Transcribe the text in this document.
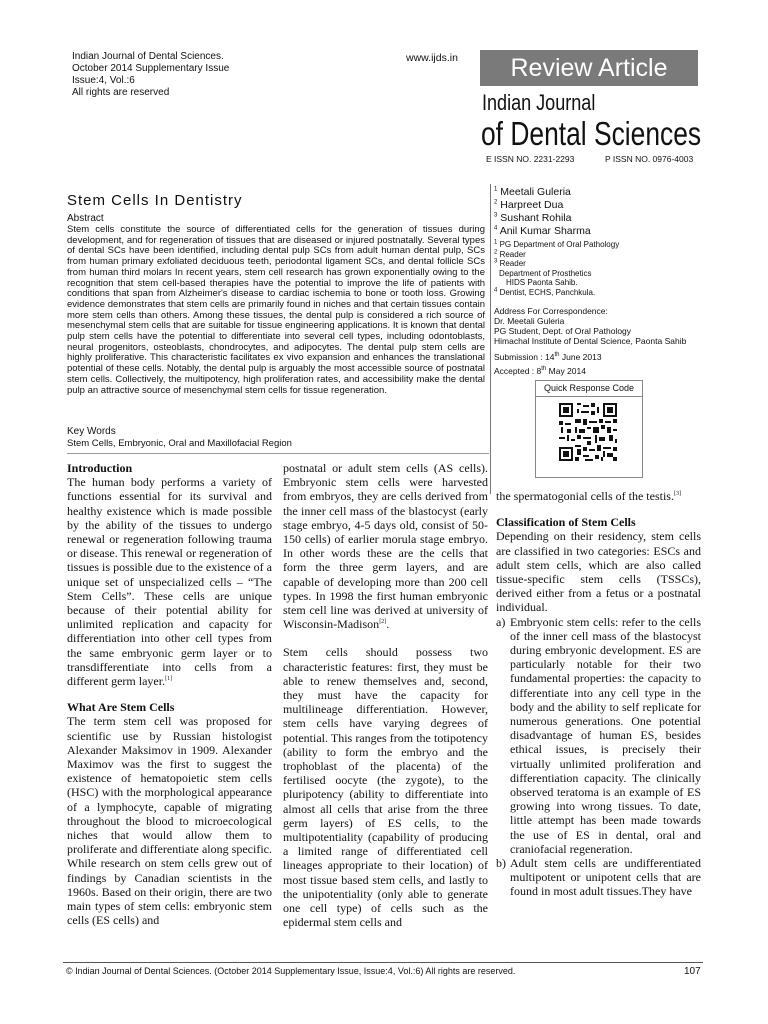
Indian Journal of Dental Sciences.
October 2014 Supplementary Issue
Issue:4, Vol.:6
All rights are reserved
www.ijds.in	Review Article
Indian Journal
of Dental Sciences
E ISSN NO. 2231-2293	P ISSN NO. 0976-4003
Stem Cells In Dentistry
Abstract
Stem cells constitute the source of differentiated cells for the generation of tissues during development, and for regeneration of tissues that are diseased or injured postnatally. Several types of dental SCs have been identified, including dental pulp SCs from adult human dental pulp, SCs from human primary exfoliated deciduous teeth, periodontal ligament SCs, and dental follicle SCs from human third molars In recent years, stem cell research has grown exponentially owing to the recognition that stem cell-based therapies have the potential to improve the life of patients with conditions that span from Alzheimer's disease to cardiac ischemia to bone or tooth loss. Growing evidence demonstrates that stem cells are primarily found in niches and that certain tissues contain more stem cells than others. Among these tissues, the dental pulp is considered a rich source of mesenchymal stem cells that are suitable for tissue engineering applications. It is known that dental pulp stem cells have the potential to differentiate into several cell types, including odontoblasts, neural progenitors, osteoblasts, chondrocytes, and adipocytes. The dental pulp stem cells are highly proliferative. This characteristic facilitates ex vivo expansion and enhances the translational potential of these cells. Notably, the dental pulp is arguably the most accessible source of postnatal stem cells. Collectively, the multipotency, high proliferation rates, and accessibility make the dental pulp an attractive source of mesenchymal stem cells for tissue regeneration.
Key Words
Stem Cells, Embryonic, Oral and Maxillofacial Region
$^1$ Meetali Guleria
$^2$ Harpreet Dua
$^3$ Sushant Rohila
$^4$ Anil Kumar Sharma
$^1$ PG Department of Oral Pathology
$^2$ Reader
$^3$ Reader
Department of Prosthetics
HIDS Paonta Sahib.
$^4$ Dentist, ECHS, Panchkula.
Address For Correspondence:
Dr. Meetali Guleria
PG Student, Dept. of Oral Pathology
Himachal Institute of Dental Science, Paonta Sahib
Submission : 14th June 2013
Accepted : 8th May 2014
Quick Response Code

Introduction

The human body performs a variety of functions essential for its survival and healthy existence which is made possible by the ability of the tissues to undergo renewal or regeneration following trauma or disease. This renewal or regeneration of tissues is possible due to the existence of a unique set of unspecialized cells – “The Stem Cells”. These cells are unique because of their potential ability for unlimited replication and capacity for differentiation into other cell types from the same embryonic germ layer or to transdifferentiate into cells from a different germ layer.[1]

What Are Stem Cells

The term stem cell was proposed for scientific use by Russian histologist Alexander Maksimov in 1909. Alexander Maximov was the first to suggest the existence of hematopoietic stem cells (HSC) with the morphological appearance of a lymphocyte, capable of migrating throughout the blood to microecological niches that would allow them to proliferate and differentiate along specific. While research on stem cells grew out of findings by Canadian scientists in the 1960s. Based on their origin, there are two main types of stem cells: embryonic stem cells (ES cells) and

postnatal or adult stem cells (AS cells). Embryonic stem cells were harvested from embryos, they are cells derived from the inner cell mass of the blastocyst (early stage embryo, 4-5 days old, consist of 50-150 cells) of earlier morula stage embryo. In other words these are the cells that form the three germ layers, and are capable of developing more than 200 cell types. In 1998 the first human embryonic stem cell line was derived at university of Wisconsin-Madison[2].

Stem cells should possess two characteristic features: first, they must be able to renew themselves and, second, they must have the capacity for multilineage differentiation. However, stem cells have varying degrees of potential. This ranges from the totipotency (ability to form the embryo and the trophoblast of the placenta) of the fertilised oocyte (the zygote), to the pluripotency (ability to differentiate into almost all cells that arise from the three germ layers) of ES cells, to the multipotentiality (capability of producing a limited range of differentiated cell lineages appropriate to their location) of most tissue based stem cells, and lastly to the unipotentiality (only able to generate one cell type) of cells such as the epidermal stem cells and

the spermatogonial cells of the testis.[3]

Classification of Stem Cells

Depending on their residency, stem cells are classified in two categories: ESCs and adult stem cells, which are also called tissue-specific stem cells (TSSCs), derived either from a fetus or a postnatal individual.

a) Embryonic stem cells: refer to the cells of the inner cell mass of the blastocyst during embryonic development. ES are particularly notable for their two fundamental properties: the capacity to differentiate into any cell type in the body and the ability to self replicate for numerous generations. One potential disadvantage of human ES, besides ethical issues, is precisely their virtually unlimited proliferation and differentiation capacity. The clinically observed teratoma is an example of ES growing into wrong tissues. To date, little attempt has been made towards the use of ES in dental, oral and craniofacial regeneration.
b) Adult stem cells are undifferentiated multipotent or unipotent cells that are found in most adult tissues.They have
© Indian Journal of Dental Sciences. (October 2014 Supplementary Issue, Issue:4, Vol.:6) All rights are reserved.	107
